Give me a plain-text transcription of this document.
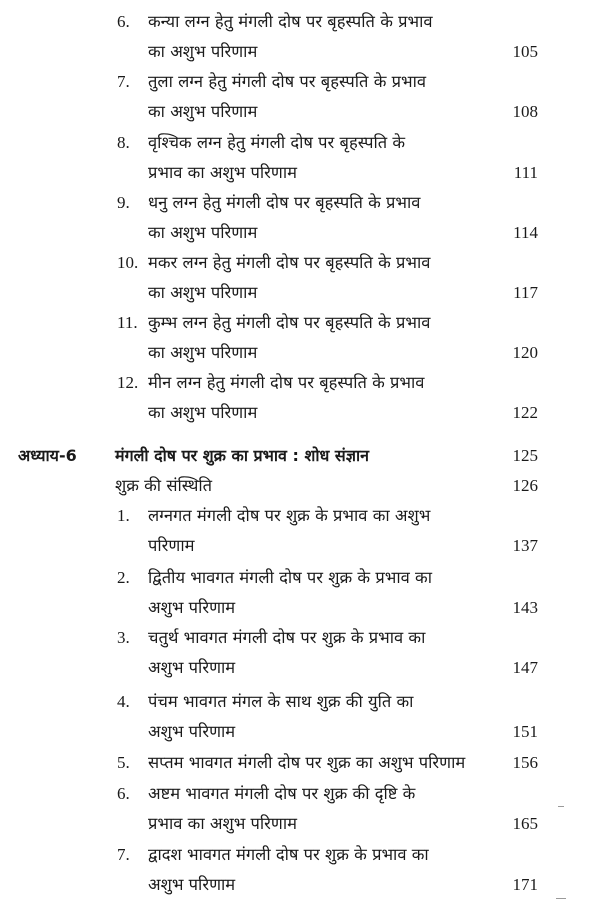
6.	कन्या लग्न हेतु मंगली दोष पर बृहस्पति के प्रभाव
का अशुभ परिणाम	105
7.	तुला लग्न हेतु मंगली दोष पर बृहस्पति के प्रभाव
का अशुभ परिणाम	108
8.	वृश्चिक लग्न हेतु मंगली दोष पर बृहस्पति के
प्रभाव का अशुभ परिणाम	111
9.	धनु लग्न हेतु मंगली दोष पर बृहस्पति के प्रभाव
का अशुभ परिणाम	114
10. मकर लग्न हेतु मंगली दोष पर बृहस्पति के प्रभाव
का अशुभ परिणाम	117
11. कुम्भ लग्न हेतु मंगली दोष पर बृहस्पति के प्रभाव
का अशुभ परिणाम	120
12. मीन लग्न हेतु मंगली दोष पर बृहस्पति के प्रभाव
का अशुभ परिणाम	122
अध्याय-6 मंगली दोष पर शुक्र का प्रभाव : शोध संज्ञान	125
शुक्र की संस्थिति	126
1.	लग्नगत मंगली दोष पर शुक्र के प्रभाव का अशुभ
परिणाम	137
2.	द्वितीय भावगत मंगली दोष पर शुक्र के प्रभाव का
अशुभ परिणाम	143
3.	चतुर्थ भावगत मंगली दोष पर शुक्र के प्रभाव का
अशुभ परिणाम	147
4.	पंचम भावगत मंगल के साथ शुक्र की युति का
अशुभ परिणाम	151
5.	सप्तम भावगत मंगली दोष पर शुक्र का अशुभ परिणाम	156
6.	अष्टम भावगत मंगली दोष पर शुक्र की दृष्टि के
प्रभाव का अशुभ परिणाम	165
7.	द्वादश भावगत मंगली दोष पर शुक्र के प्रभाव का
अशुभ परिणाम	171
